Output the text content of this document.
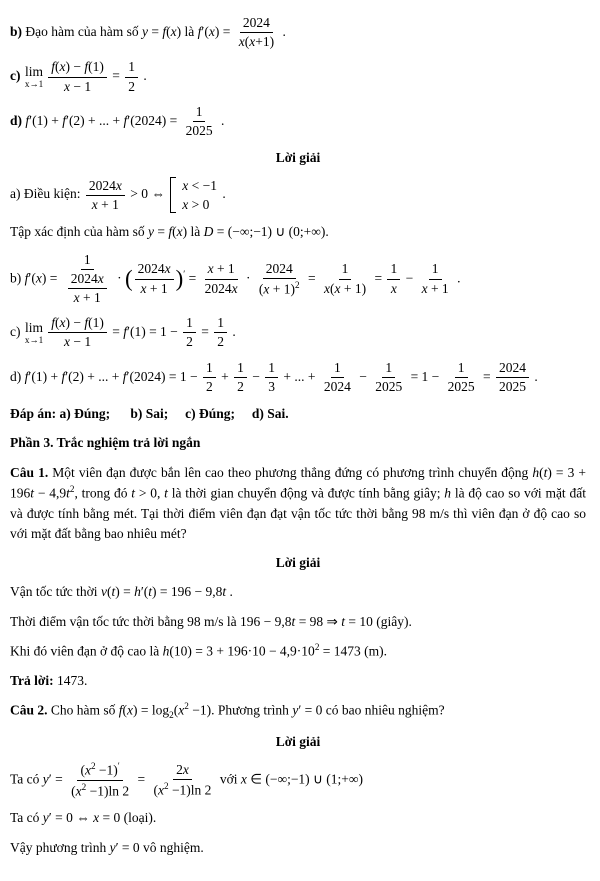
b) Đạo hàm của hàm số y = f(x) là $f'(x) = \frac{2024}{x(x+1)}$ .
c) lim
$x\to 1 \frac{f(x) - f(1)}{x - 1} = \frac{1}{2}$ .
d) f′(1) + f′(2) + ... + $f'(2024) = \frac{1}{2025}$ .
Lời giải
a) Điều kiện: $\frac{2024x}{x + 1} > 0$ ⇔
x < −1
x > 0
.
Tập xác định của hàm số y = f(x) là D = (−∞;−1) ∪ (0;+∞).
b) $f'(x) = \frac{1}{\frac{2024x}{x + 1}}$ · ( $\frac{2024x}{x + 1} )' = \frac{x + 1}{2024x} \cdot \frac{2024}{(x + 1)^2} = \frac{1}{x(x + 1)} = \frac{1}{x} - \frac{1}{x + 1}$ .
c) lim
$x\to 1 \frac{f(x) - f(1)}{x - 1} = f'(1) = 1 - \frac{1}{2} = \frac{1}{2}$ .
d) f′(1) + f′(2) + ... + $f'(2024) = 1 - \frac{1}{2} + \frac{1}{2} - \frac{1}{3}$ + ... + $\frac{1}{2024} - \frac{1}{2025} = 1 - \frac{1}{2025} = \frac{2024}{2025}$ .
Đáp án: a) Đúng;      b) Sai;     c) Đúng;     d) Sai.
Phần 3. Trắc nghiệm trả lời ngắn
Câu 1. Một viên đạn được bắn lên cao theo phương thẳng đứng có phương trình chuyển động $h(t) = 3 + 196t - 4,9t^2$, trong đó t > 0, t là thời gian chuyển động và được tính bằng giây; h là độ cao so với mặt đất và được tính bằng mét. Tại thời điểm viên đạn đạt vận tốc tức thời bằng 98 m/s thì viên đạn ở độ cao so với mặt đất bằng bao nhiêu mét?
Lời giải
Vận tốc tức thời v(t) = h′(t) = 196 − 9,8t .
Thời điểm vận tốc tức thời bằng 98 m/s là 196 − 9,8t = 98 ⇒ t = 10 (giây).
Khi đó viên đạn ở độ cao là $h(10) = 3 + 196\cdot 10 - 4,9\cdot 10^2 = 1473$ (m).
Trả lời: 1473.
Câu 2. Cho hàm số $f(x) = \log_2(x^2 -1)$. Phương trình y′ = 0 có bao nhiêu nghiệm?
Lời giải
Ta có $y' = \frac{(x^2 -1)'}{(x^2 -1)\ln 2} = \frac{2x}{(x^2 -1)\ln 2}$ với x ∈ (−∞;−1) ∪ (1;+∞)
Ta có y′ = 0 ⇔ x = 0 (loại).
Vậy phương trình y′ = 0 vô nghiệm.
